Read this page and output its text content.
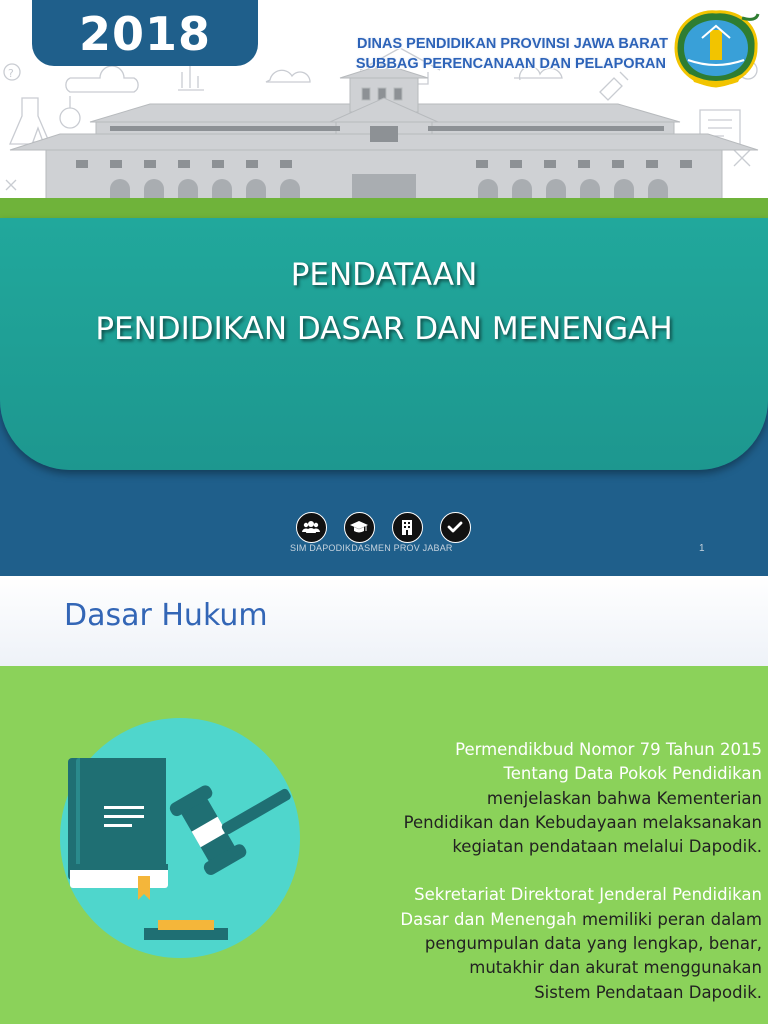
?
2018	DINAS PENDIDIKAN PROVINSI JAWA BARAT
SUBBAG PERENCANAAN DAN PELAPORAN
PENDATAAN
PENDIDIKAN DASAR DAN MENENGAH
SIM DAPODIKDASMEN PROV JABAR	1
Dasar Hukum
Permendikbud Nomor 79 Tahun 2015
Tentang Data Pokok Pendidikan
menjelaskan bahwa Kementerian
Pendidikan dan Kebudayaan melaksanakan
kegiatan pendataan melalui Dapodik.
Sekretariat Direktorat Jenderal Pendidikan
Dasar dan Menengah memiliki peran dalam
pengumpulan data yang lengkap, benar,
mutakhir dan akurat menggunakan
Sistem Pendataan Dapodik.
